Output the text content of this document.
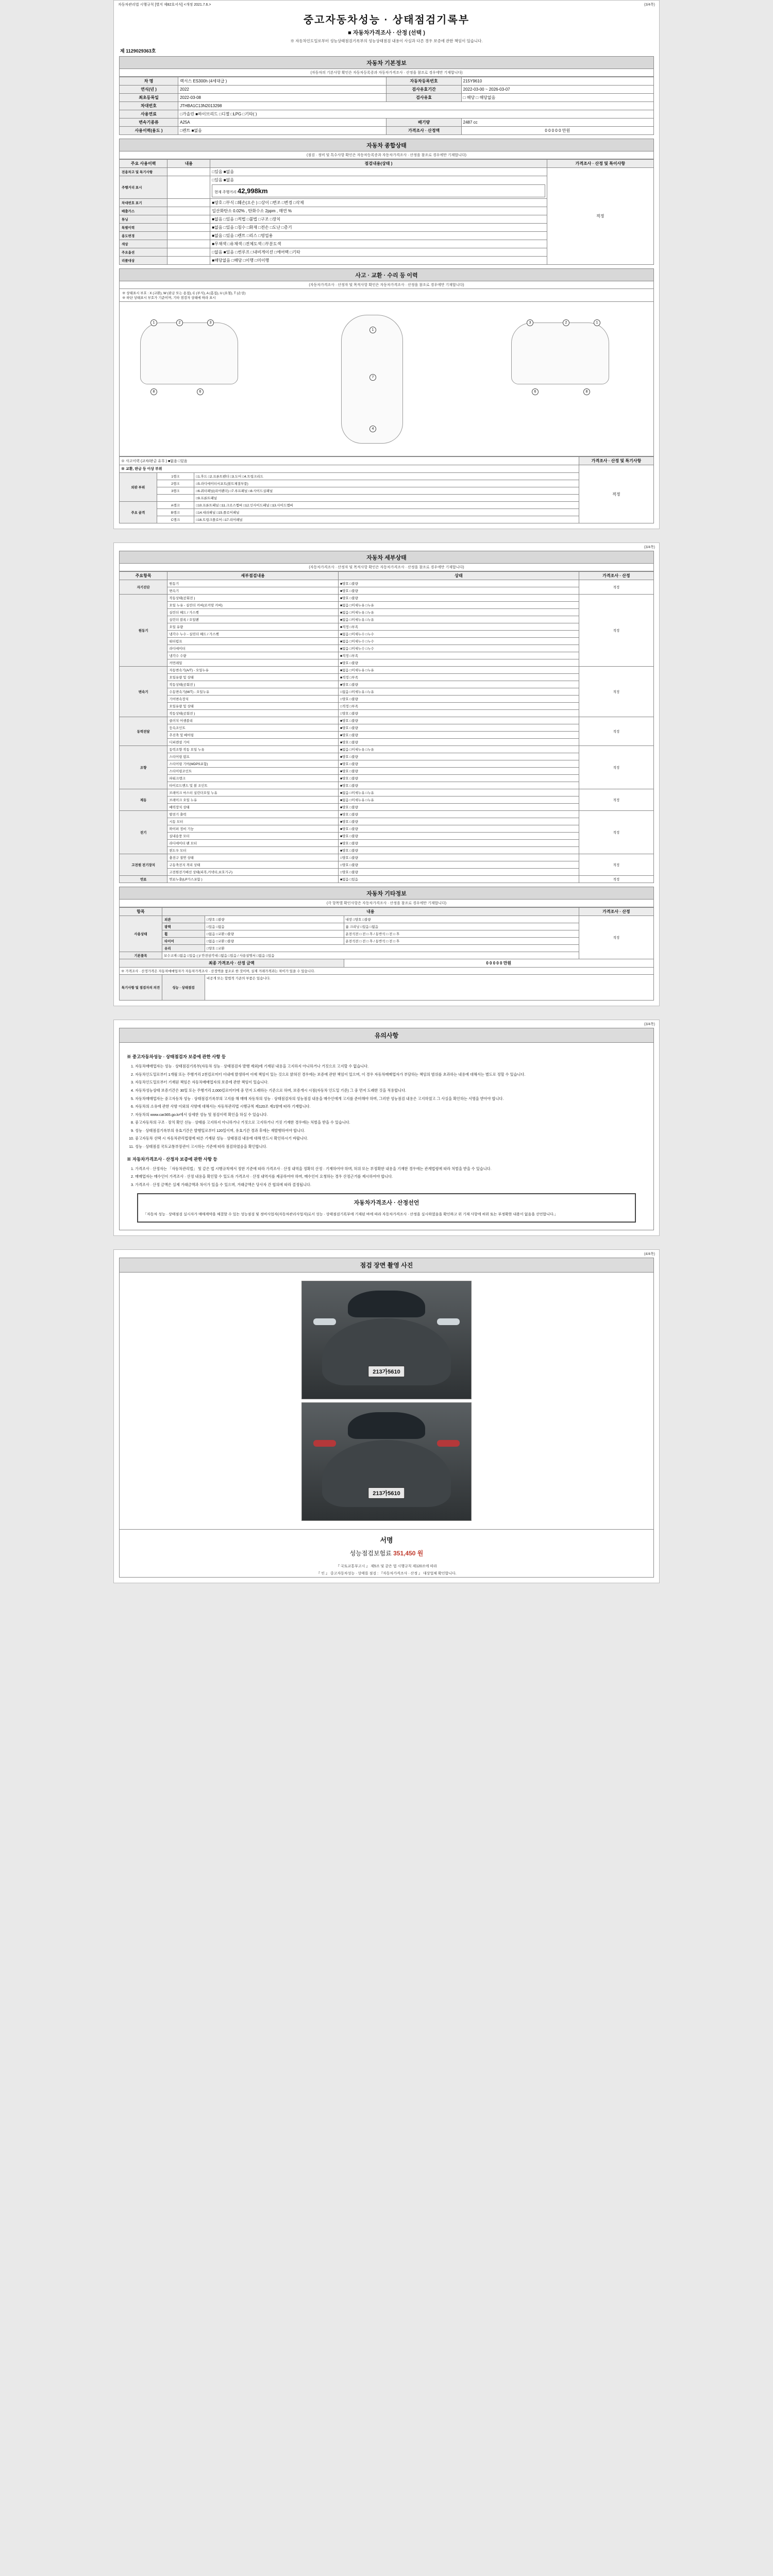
자동차관리법 시행규칙 [별지 제82호서식] <개정 2021.7.6.>	(3/4쪽)
중고자동차성능 · 상태점검기록부
■ 자동차가격조사 · 산정 (선택 )
※ 자동차인도일로부터 성능상태점검기록부의 성능상태점검 내용이 사실과 다른 경우 보증에 관한 책임이 있습니다.
제 1129029363호
자동차 기본정보
(자동차의 기본사항 확인은 자동차등록증과 자동차가격조사 · 산정을 참조로 경우에만 기재합니다)
차 명	렉서스 ES300h (4세대급 )	자동차등록번호	215Y9610
연식(년 )	2022	검사유효기간	2022-03-00 ~ 2026-03-07
최초등록일	2022-03-08	검사유효	□ 해당 □ 해당없음
차대번호	JTHBA1C13N2013298		
사용연료	□가솔린 ■하이브리드 □디젤 □LPG □기타( )		
변속기종류	A25A	배기량	2487 cc
사용이력(용도 )	□렌트 ■없음	가격조사 · 산정액	0 0 0 0 0 만원
자동차 종합상태
(점검 · 정비 및 특수사항 확인은 자동차등록증과 자동차가격조사 · 산정을 참조로 경우에만 기재합니다)
주요 사용이력	내용	점검내용(상태 )	가격조사 · 산정 및 특이사항
전용차고 및 특기사항		□있음 ■없음	적정
주행거리 표시		□있음 ■없음
현재 주행거리 42,998km	

차대번호 표기		■양호 □부식 □훼손(오손 ) □상이 □변조 □변경 □삭제	
배출가스		일산화탄소 0.02% , 탄화수소 2ppm , 매연 %	
튜닝		■없음 □있음 □적법 □불법 □구조 □장치	
특별이력		■없음 □있음 □침수 □화재 □전손 □도난 □총기	
용도변경		■없음 □있음 □렌트 □리스 □영업용	
색상		■무채색 □유채색 □전체도색 □부분도색	
주요옵션		□없음 ■있음 □썬루프 □내비게이션 □에어백 □기타	
리콜대상		■해당없음 □해당 □이행 □미이행	
사고 · 교환 · 수리 등 이력
(자동차가격조사 · 산정자 및 목적사항 확인은 자동차가격조사 · 산정을 참조로 경우에만 기재합니다)
※ 상태표시 부호 : X (교환), W (판금 또는 용접), C (부식), A (흠집), U (요철), T (손상)
※ 하단 상태표시 부호가 기준이며, 기타 점검자 상태에 따라 표시
1	2	3
8	6
1
7
4
3	2	1
6	8
※ 사고이력 (교차/판금 유무 ) ■없음 □있음			가격조사 · 산정 및 특기사항
※ 교환, 판금 등 이상 부위			적정
외판 부위	1랭크	□1.후드 □2.프론트펜더 □3.도어 □4.트렁크리드	
	2랭크	□5.라디에이터서포트(볼트체결부품)	
	3랭크	□6.쿼터패널(리어펜더) □7.루프패널 □8.사이드실패널	
		□9.프론트패널	
주요 골격	A랭크	□10.프론트패널 □11.크로스멤버 □12.인사이드패널 □13.사이드멤버	
	B랭크	□14.대쉬패널 □15.플로어패널	
	C랭크	□16.트렁크플로어 □17.리어패널	
(3/4쪽)
자동차 세부상태
(자동차가격조사 · 산정자 및 목적사항 확인은 자동차가격조사 · 산정을 참조로 경우에만 기재합니다)
주요항목	세부점검내용	상태	가격조사 · 산정
자기진단	원동기	■양호 □불량	적정
	변속기	■양호 □불량	
원동기	작동상태(공회전 )	■양호 □불량	적정
	오일 누유 - 실린더 커버(로커암 커버)	■없음 □미세누유 □누유	
	실린더 헤드 / 가스켓	■없음 □미세누유 □누유	
	실린더 블록 / 오일팬	■없음 □미세누유 □누유	
	오일 유량	■적정 □부족	
	냉각수 누수 - 실린더 헤드 / 가스켓	■없음 □미세누수 □누수	
	워터펌프	■없음 □미세누수 □누수	
	라디에이터	■없음 □미세누수 □누수	
	냉각수 수량	■적정 □부족	
	커먼레일	■양호 □불량	
변속기	자동변속기(A/T) - 오일누유	■없음 □미세누유 □누유	적정
	오일유량 및 상태	■적정 □부족	
	작동상태(공회전 )	■양호 □불량	
	수동변속기(M/T) - 오일누유	□없음 □미세누유 □누유	
	기어변속장치	□양호 □불량	
	오일유량 및 상태	□적정 □부족	
	작동상태(공회전 )	□양호 □불량	
동력전달	클러치 어셈블리	■양호 □불량	적정
	등속조인트	■양호 □불량	
	추진축 및 베어링	■양호 □불량	
	디퍼렌셜 기어	■양호 □불량	
조향	동력조향 작동 오일 누유	■없음 □미세누유 □누유	적정
	스티어링 펌프	■양호 □불량	
	스티어링 기어(MDPS포함)	■양호 □불량	
	스티어링조인트	■양호 □불량	
	파워크랭크	■양호 □불량	
	타이로드엔드 및 볼 조인트	■양호 □불량	
제동	브레이크 마스터 실린더오일 누유	■없음 □미세누유 □누유	적정
	브레이크 오일 누유	■없음 □미세누유 □누유	
	배력장치 상태	■양호 □불량	
전기	발전기 출력	■양호 □불량	적정
	시동 모터	■양호 □불량	
	와이퍼 정비 기능	■양호 □불량	
	실내송풍 모터	■양호 □불량	
	라디에이터 팬 모터	■양호 □불량	
	윈도우 모터	■양호 □불량	
고전원 전기장치	충전구 절연 상태	□양호 □불량	적정
	구동축전지 격리 상태	□양호 □불량	
	고전원전기배선 상태(피복,커넥터,보호기구)	□양호 □불량	
연료	연료누출(LP가스포함 )	■없음 □있음	적정
자동차 기타정보
(각 항목별 확인사항은 자동차가격조사 · 산정을 참조로 경우에만 기재합니다)
항목	내용			가격조사 · 산정
사용상태	외관	□양호 □불량	내장 □양호 □불량	적정
	광택	□있음 □없음	룸 크리닝 □있음 □없음	
	휠	□없음 □교환 □불량	운전석전 □ 전 □ 후 / 동반석 □ 전 □ 후	
	타이어	□없음 □교환 □불량	운전석전 □ 전 □ 후 / 동반석 □ 전 □ 후	
	유리	□양호 □교환		
기본품목	보수교재 □없음 □있음 ( )/ 안전삼각대 □없음 □있음 / 사용설명서 □없음 □있음			
최종 가격조사 · 산정 금액			0 0 0 0 0 만원	
※ 가격조사 · 산정가격은 자동차매매업자가 자동차가격조사 · 산정액을 참조로 한 것이며, 실제 거래가격과는 차이가 있을 수 있습니다.				
특기사항 및 점검자의 의견	성능 · 상태점검	비공개 또는 합법적 기준의 부품은 있습니다.		
(3/4쪽)
유의사항
※ 중고자동차성능 · 상태점검자 보증에 관한 사항 등
1. 자동차매매업자는 성능 · 상태점검기록부(자동차 성능 · 상태점검자 발행 제외)에 기재된 내용을 고지하지 아니하거나 거짓으로 고지할 수 없습니다.
2. 자동차인도일로부터 1개월 또는 주행거리 2천킬로미터 이내에 발생하여 이에 책임이 있는 것으로 밝혀진 경우에는 보증에 관한 책임이 있으며, 이 경우 자동차매매업자가 부담하는 책임의 범위를 초과하는 내용에 대해서는 별도로 정할 수 있습니다.
3. 자동차인도일로부터 기재된 책임은 자동차매매업자의 보증에 관한 책임이 있습니다.
4. 자동차성능상태 보증기간은 30일 또는 주행거리 2,000킬로미터에 중 먼저 도래하는 기준으로 하며, 보증개시 시점(자동차 인도일 기준) 그 중 먼저 도래한 것을 적용합니다.
5. 자동차매매업자는 중고자동차 성능 · 상태점검기록부의 고지를 해 매매 자동차의 성능 · 상태점검자의 성능점검 내용을 매수인에게 고지를 준비해야 하며, 그러한 성능점검 내용은 고지하였고 그 사실을 확인하는 서명을 받아야 합니다.
6. 자동차의 소유에 관한 사항 이외의 사항에 대해서는 자동차관리법 시행규칙 제120조 제1항에 따라 기재합니다.
7. 자동차의 www.car365.go.kr에서 상세한 성능 및 점검이력 확인을 하실 수 있습니다.
8. 중고자동차의 구조 · 장치 확인 선능 · 상태를 고지하지 아니하거나 거짓으로 고지하거나 거짓 기재한 경우에는 처벌을 받을 수 있습니다.
9. 성능 · 상태점검기록부의 유효기간은 발행일로부터 120일이며, 유효기간 경과 후에는 재발행하여야 합니다.
10. 중고자동차 선택 시 자동차관리법령에 따른 기재된 성능 · 상태점검 내용에 대해 반드시 확인하시기 바랍니다.
11. 성능 · 상태점검 국토교통부장관이 고시하는 기준에 따라 점검하였음을 확인합니다.
※ 자동차가격조사 · 산정자 보증에 관한 사항 등
1. 가격조사 · 산정자는 「자동차관리법」 및 같은 법 시행규칙에서 정한 기준에 따라 가격조사 · 산정 내역을 정확히 산정 · 기재하여야 하며, 허위 또는 부정확한 내용을 기재한 경우에는 관계법령에 따라 처벌을 받을 수 있습니다.
2. 매매업자는 매수인이 가격조사 · 산정 내용을 확인할 수 있도록 가격조사 · 산정 내역서를 제공하여야 하며, 매수인이 요청하는 경우 산정근거를 제시하여야 합니다.
3. 가격조사 · 산정 금액은 실제 거래금액과 차이가 있을 수 있으며, 거래금액은 당사자 간 협의에 따라 결정됩니다.
자동차가격조사 · 산정선언
「자동차 성능 · 상태점검 실시자가 매매계약을 체결할 수 있는 성능점검 및 정비사업자(자동차관리사업자)로서 성능 · 상태점검기록부에 기재된 바에 따라 자동차가격조사 · 산정을 실시하였음을 확인하고 위 기재 사항에 허위 또는 부정확한 내용이 없음을 선언합니다.」
(4/4쪽)
점검 장면 촬영 사진
213가5610
213가5610
서명
성능점검보험료 351,450 원
『 국토교통부고시 』 제5조 및 같은 법 시행규칙 제120조에 따라
『 인 』 중고자동차성능 · 상태를 점검 : 『자동차가격조사 · 산정 』 대상업체 확인합니다.
